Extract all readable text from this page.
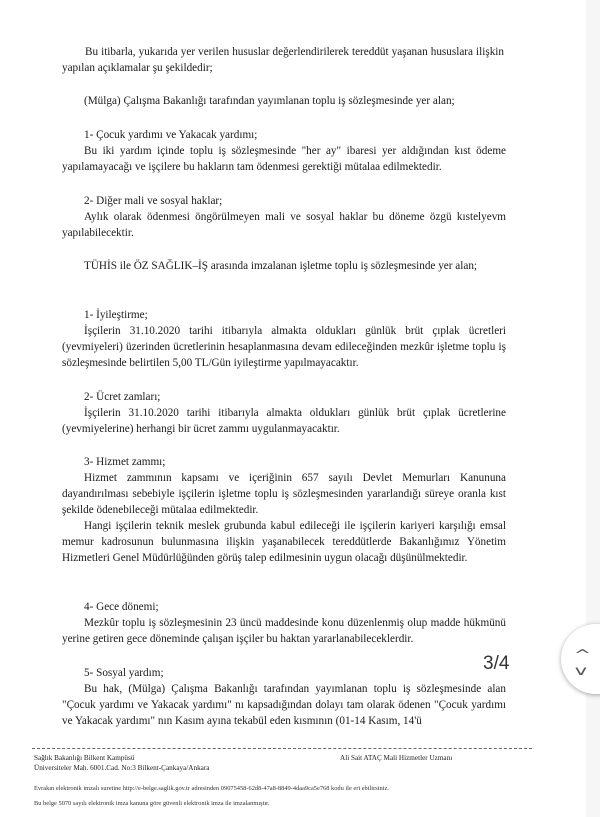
Bu itibarla, yukarıda yer verilen hususlar değerlendirilerek tereddüt yaşanan hususlara ilişkin yapılan açıklamalar şu şekildedir;
(Mülga) Çalışma Bakanlığı tarafından yayımlanan toplu iş sözleşmesinde yer alan;
1- Çocuk yardımı ve Yakacak yardımı;
Bu iki yardım içinde toplu iş sözleşmesinde "her ay" ibaresi yer aldığından kıst ödeme yapılamayacağı ve işçilere bu hakların tam ödenmesi gerektiği mütalaa edilmektedir.
2- Diğer mali ve sosyal haklar;
Aylık olarak ödenmesi öngörülmeyen mali ve sosyal haklar bu döneme özgü kıstelyevm yapılabilecektir.
TÜHİS ile ÖZ SAĞLIK–İŞ arasında imzalanan işletme toplu iş sözleşmesinde yer alan;
1- İyileştirme;
İşçilerin 31.10.2020 tarihi itibarıyla almakta oldukları günlük brüt çıplak ücretleri (yevmiyeleri) üzerinden ücretlerinin hesaplanmasına devam edileceğinden mezkûr işletme toplu iş sözleşmesinde belirtilen 5,00 TL/Gün iyileştirme yapılmayacaktır.
2- Ücret zamları;
İşçilerin 31.10.2020 tarihi itibarıyla almakta oldukları günlük brüt çıplak ücretlerine (yevmiyelerine) herhangi bir ücret zammı uygulanmayacaktır.
3- Hizmet zammı;
Hizmet zammının kapsamı ve içeriğinin 657 sayılı Devlet Memurları Kanununa dayandırılması sebebiyle işçilerin işletme toplu iş sözleşmesinden yararlandığı süreye oranla kıst şekilde ödenebileceği mütalaa edilmektedir.
Hangi işçilerin teknik meslek grubunda kabul edileceği ile işçilerin kariyeri karşılığı emsal memur kadrosunun bulunmasına ilişkin yaşanabilecek tereddütlerde Bakanlığımız Yönetim Hizmetleri Genel Müdürlüğünden görüş talep edilmesinin uygun olacağı düşünülmektedir.
4- Gece dönemi;
Mezkûr toplu iş sözleşmesinin 23 üncü maddesinde konu düzenlenmiş olup madde hükmünü yerine getiren gece döneminde çalışan işçiler bu haktan yararlanabileceklerdir.
5- Sosyal yardım;
Bu hak, (Mülga) Çalışma Bakanlığı tarafından yayımlanan toplu iş sözleşmesinde alan "Çocuk yardımı ve Yakacak yardımı" nı kapsadığından dolayı tam olarak ödenen "Çocuk yardımı ve Yakacak yardımı" nın Kasım ayına tekabül eden kısmının (01-14 Kasım, 14'ü
Sağlık Bakanlığı Bilkent Kampüsü
Üniversiteler Mah. 6001.Cad. No:3 Bilkent-Çankaya/Ankara
Ali Sait ATAÇ Mali Hizmetler Uzmanı
Evrakın elektronik imzalı suretine http://e-belge.saglik.gov.tr adresinden 09075458-62d8-47a8-8849-4daa9ca5e768 kodu ile eri ebilirsiniz.
Bu belge 5070 sayılı elektronik imza kanuna göre güvenli elektronik imza ile imzalanmıştır.
3/4	^
v
